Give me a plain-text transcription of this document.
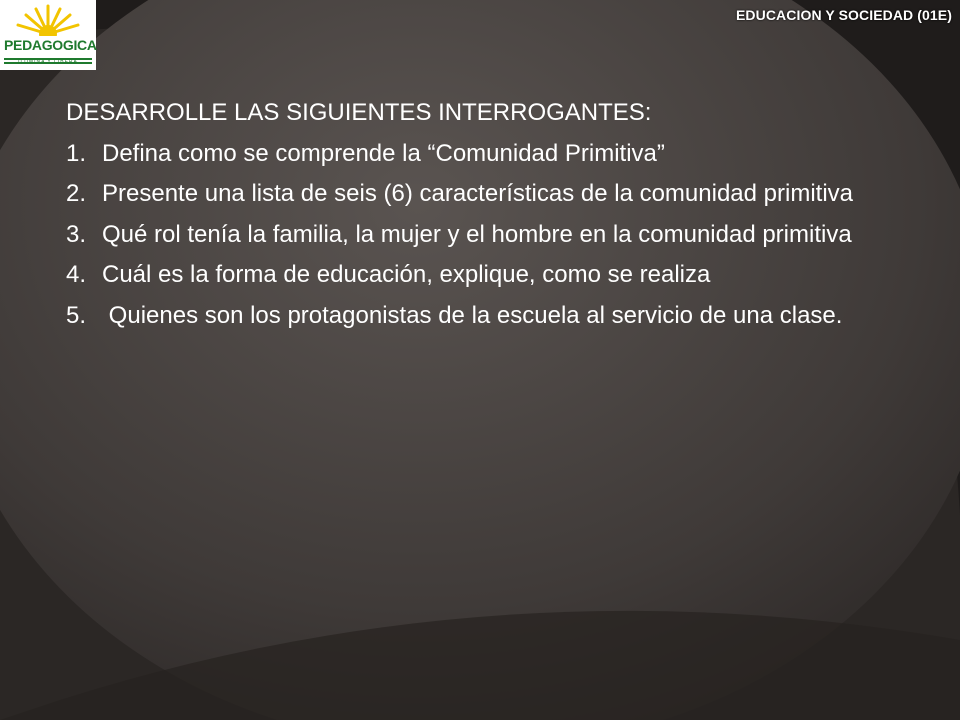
PEDAGOGICA
ILUMINA Y LIBERA
EDUCACION Y SOCIEDAD (01E)
DESARROLLE LAS SIGUIENTES INTERROGANTES:
1. Defina como se comprende la “Comunidad Primitiva”
2. Presente una lista de seis (6) características de la comunidad primitiva
3. Qué rol tenía la familia, la mujer y el hombre en la comunidad primitiva
4. Cuál es la forma de educación, explique, como se realiza
5. Quienes son los protagonistas de la escuela al servicio de una clase.
